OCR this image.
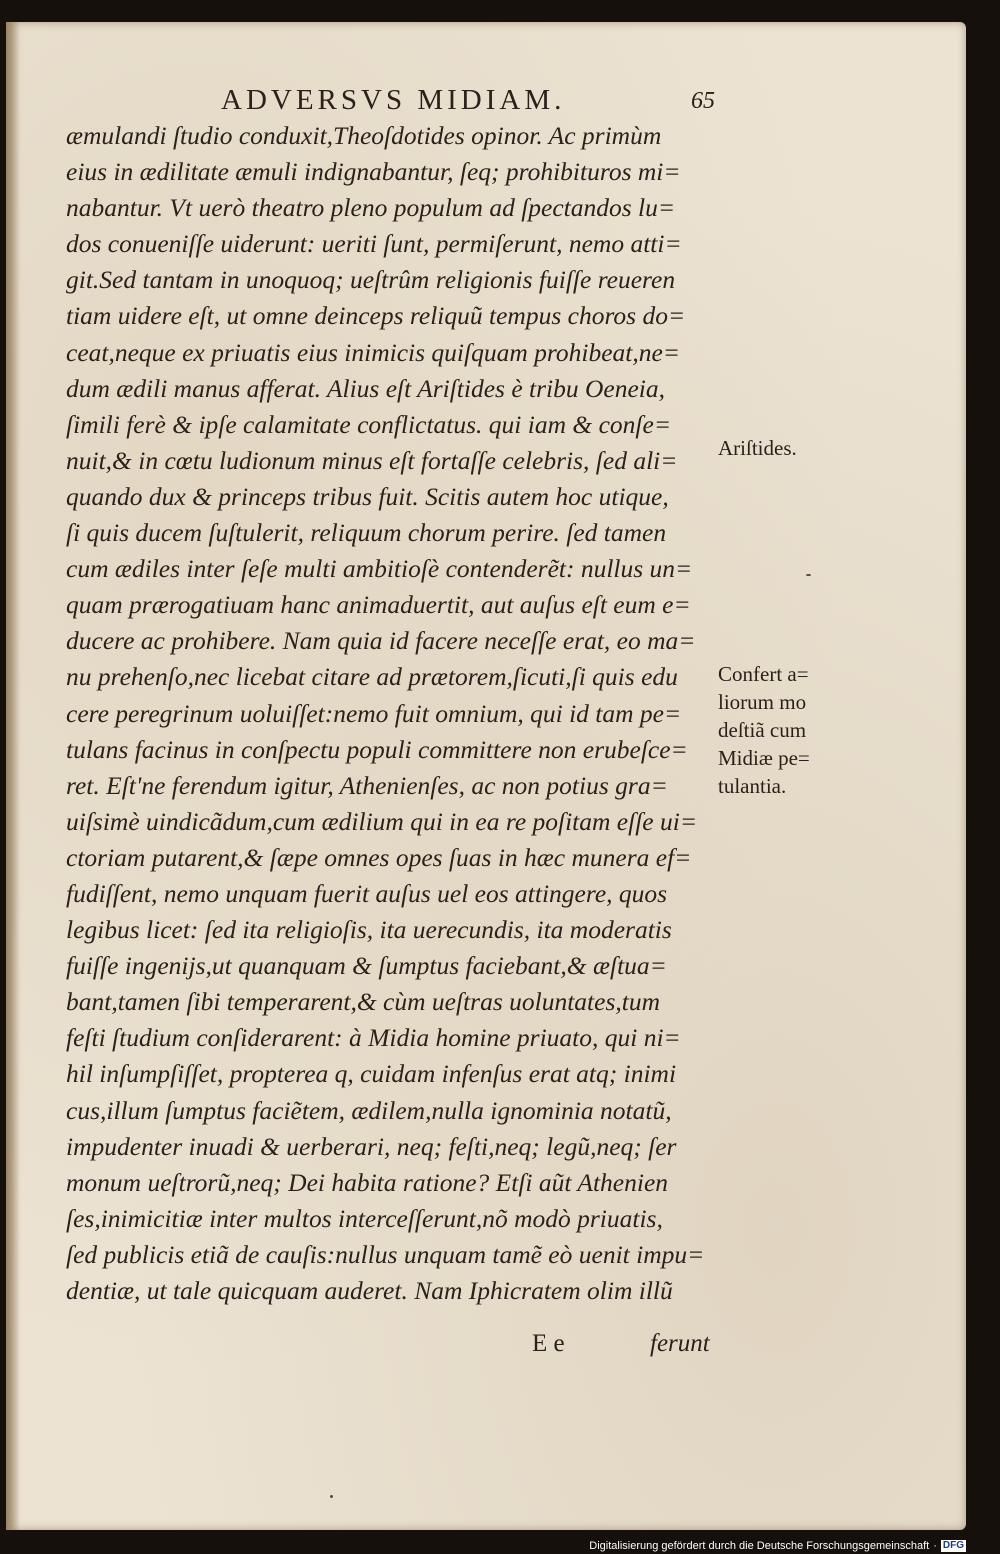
ADVERSVS MIDIAM.	65
æmulandi ſtudio conduxit,Theoſdotides opinor. Ac primùm
eius in ædilitate æmuli indignabantur, ſeq; prohibituros mi=
nabantur. Vt uerò theatro pleno populum ad ſpectandos lu=
dos conueniſſe uiderunt: ueriti ſunt, permiſerunt, nemo atti=
git.Sed tantam in unoquoq; ueſtrûm religionis fuiſſe reueren
tiam uidere eſt, ut omne deinceps reliquũ tempus choros do=
ceat,neque ex priuatis eius inimicis quiſquam prohibeat,ne=
dum ædili manus afferat. Alius eſt Ariſtides è tribu Oeneia,
ſimili ferè & ipſe calamitate conflictatus. qui iam & conſe=
nuit,& in cœtu ludionum minus eſt fortaſſe celebris, ſed ali=
quando dux & princeps tribus fuit. Scitis autem hoc utique,
ſi quis ducem ſuſtulerit, reliquum chorum perire. ſed tamen
cum ædiles inter ſeſe multi ambitioſè contenderẽt: nullus un=
quam prærogatiuam hanc animaduertit, aut auſus eſt eum e=
ducere ac prohibere. Nam quia id facere neceſſe erat, eo ma=
nu prehenſo,nec licebat citare ad prætorem,ſicuti,ſi quis edu
cere peregrinum uoluiſſet:nemo fuit omnium, qui id tam pe=
tulans facinus in conſpectu populi committere non erubeſce=
ret. Eſt'ne ferendum igitur, Athenienſes, ac non potius gra=
uiſsimè uindicãdum,cum ædilium qui in ea re poſitam eſſe ui=
ctoriam putarent,& ſæpe omnes opes ſuas in hæc munera ef=
fudiſſent, nemo unquam fuerit auſus uel eos attingere, quos
legibus licet: ſed ita religioſis, ita uerecundis, ita moderatis
fuiſſe ingenijs,ut quanquam & ſumptus faciebant,& æſtua=
bant,tamen ſibi temperarent,& cùm ueſtras uoluntates,tum
feſti ſtudium conſiderarent: à Midia homine priuato, qui ni=
hil inſumpſiſſet, propterea q, cuidam infenſus erat atq; inimi
cus,illum ſumptus faciẽtem, ædilem,nulla ignominia notatũ,
impudenter inuadi & uerberari, neq; feſti,neq; legũ,neq; ſer
monum ueſtrorũ,neq; Dei habita ratione? Etſi aũt Athenien
ſes,inimicitiæ inter multos interceſſerunt,nõ modò priuatis,
ſed publicis etiã de cauſis:nullus unquam tamẽ eò uenit impu=
dentiæ, ut tale quicquam auderet. Nam Iphicratem olim illũ
E e	ferunt
Ariſtides.
Confert a=
liorum mo
deſtiã cum
Midiæ pe=
tulantia.
Digitalisierung gefördert durch die Deutsche Forschungsgemeinschaft · DFG
